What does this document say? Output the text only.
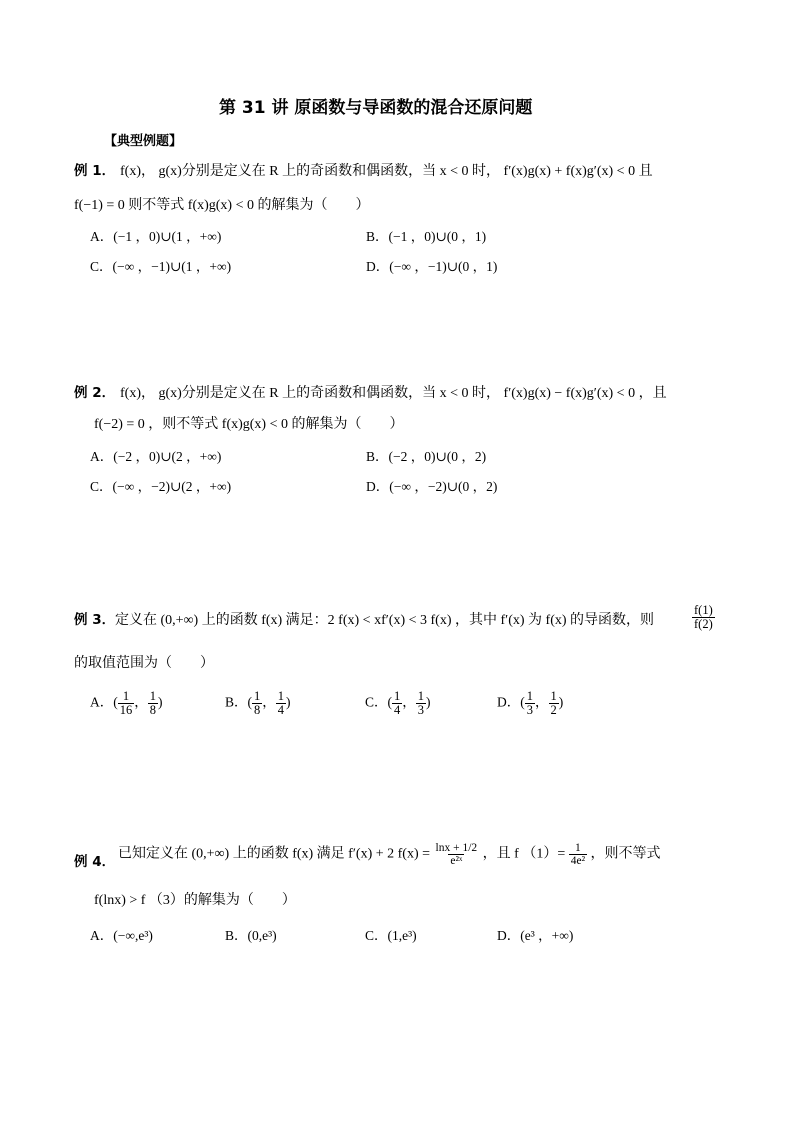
第 31 讲 原函数与导函数的混合还原问题
【典型例题】
例 1． f(x)， g(x)分别是定义在 R 上的奇函数和偶函数，当 x < 0 时， f′(x)g(x) + f(x)g′(x) < 0 且
f(−1) = 0 则不等式 f(x)g(x) < 0 的解集为（　　）
A．(−1 ，0)∪(1 ，+∞)	B．(−1 ，0)∪(0 ，1)
C．(−∞ ，−1)∪(1 ，+∞)	D．(−∞ ，−1)∪(0 ，1)
例 2． f(x)， g(x)分别是定义在 R 上的奇函数和偶函数，当 x < 0 时， f′(x)g(x) − f(x)g′(x) < 0 ，且
f(−2) = 0 ，则不等式 f(x)g(x) < 0 的解集为（　　）
A．(−2 ，0)∪(2 ，+∞)	B．(−2 ，0)∪(0 ，2)
C．(−∞ ，−2)∪(2 ，+∞)	D．(−∞ ，−2)∪(0 ，2)
例 3． 定义在 (0,+∞) 上的函数 f(x) 满足：2 f(x) < xf′(x) < 3 f(x) ，其中 f′(x) 为 f(x) 的导函数，则	$\frac{f(1)}{f(2)}$
的取值范围为（　　）
A．( $\frac{1}{16}$ ， $\frac{1}{8}$ )	B．( $\frac{1}{8}$ ， $\frac{1}{4}$ )	C．( $\frac{1}{4}$ ， $\frac{1}{3}$ )	D．( $\frac{1}{3}$ ， $\frac{1}{2}$ )
例 4． 已知定义在 (0,+∞) 上的函数 f(x) 满足 f′(x) + 2 $f(x) = \frac{\ln x + 1/2}{\text{e²ˣ}}$ ，且 f $(1)= \frac{1}{\text{4e²}}$ ，则不等式
f(lnx) > f （3）的解集为（　　）
A．(−∞,e³)	B．(0,e³)	C．(1,e³)	D．(e³ ，+∞)
